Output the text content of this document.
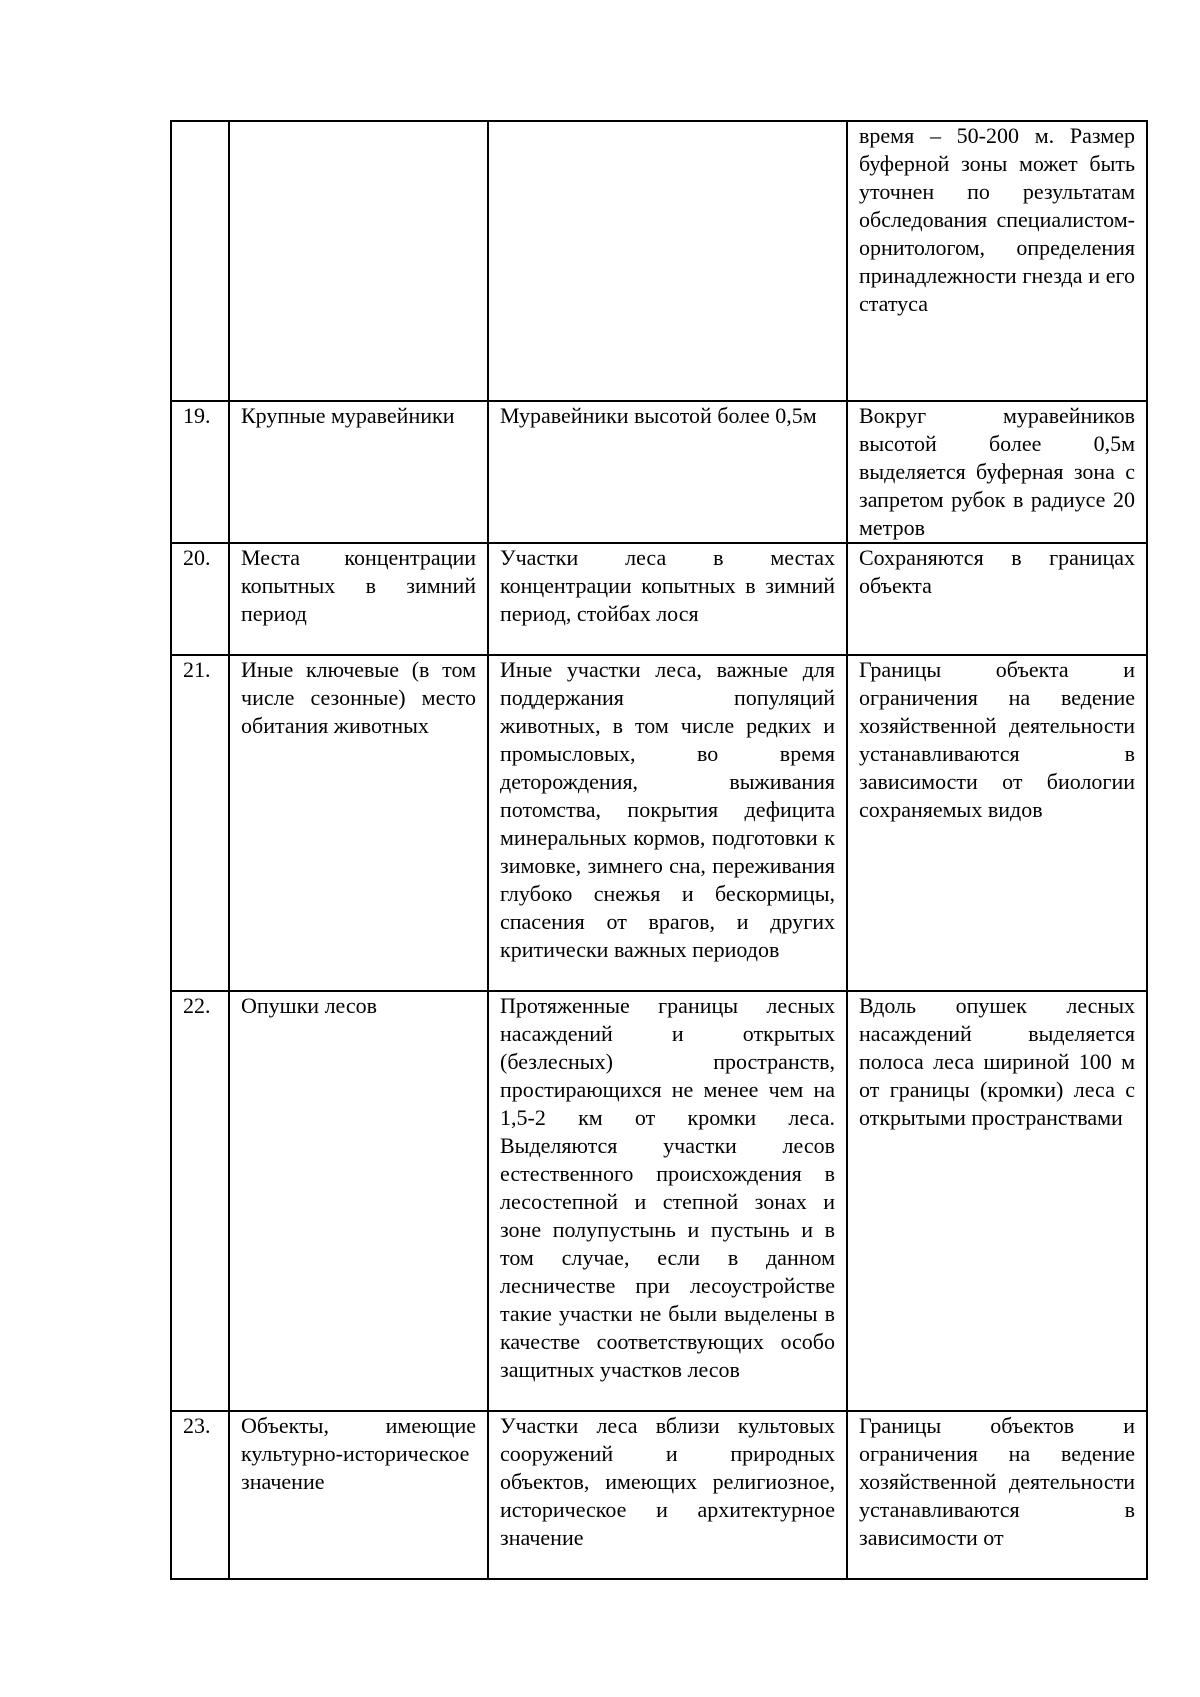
			время – 50-200 м. Размер буферной зоны может быть уточнен по результатам обследования специалистом-орнитологом, определения принадлежности гнезда и его статуса
19.	Крупные муравейники	Муравейники высотой более 0,5м	Вокруг муравейников высотой более 0,5м выделяется буферная зона с запретом рубок в радиусе 20 метров
20.	Места концентрации копытных в зимний период	Участки леса в местах концентрации копытных в зимний период, стойбах лося	Сохраняются в границах объекта
21.	Иные ключевые (в том числе сезонные) место обитания животных	Иные участки леса, важные для поддержания популяций животных, в том числе редких и промысловых, во время деторождения, выживания потомства, покрытия дефицита минеральных кормов, подготовки к зимовке, зимнего сна, переживания глубоко снежья и бескормицы, спасения от врагов, и других критически важных периодов	Границы объекта и ограничения на ведение хозяйственной деятельности устанавливаются в зависимости от биологии сохраняемых видов
22.	Опушки лесов	Протяженные границы лесных насаждений и открытых (безлесных) пространств, простирающихся не менее чем на 1,5-2 км от кромки леса. Выделяются участки лесов естественного происхождения в лесостепной и степной зонах и зоне полупустынь и пустынь и в том случае, если в данном лесничестве при лесоустройстве такие участки не были выделены в качестве соответствующих особо защитных участков лесов	Вдоль опушек лесных насаждений выделяется полоса леса шириной 100 м от границы (кромки) леса с открытыми пространствами
23.	Объекты, имеющие культурно-историческое значение	Участки леса вблизи культовых сооружений и природных объектов, имеющих религиозное, историческое и архитектурное значение	Границы объектов и ограничения на ведение хозяйственной деятельности устанавливаются в зависимости от
